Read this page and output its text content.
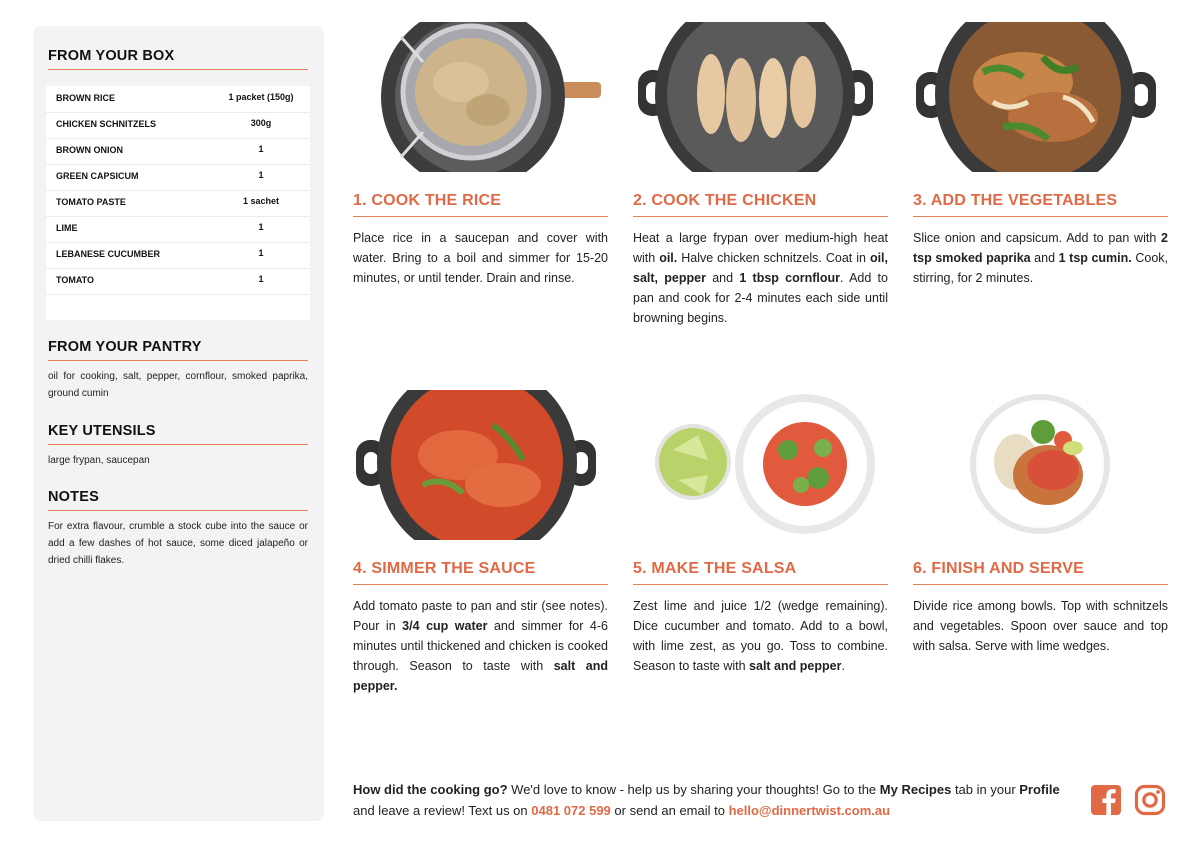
FROM YOUR BOX
BROWN RICE	1 packet (150g)
CHICKEN SCHNITZELS	300g
BROWN ONION	1
GREEN CAPSICUM	1
TOMATO PASTE	1 sachet
LIME	1
LEBANESE CUCUMBER	1
TOMATO	1
FROM YOUR PANTRY
oil for cooking, salt, pepper, cornflour, smoked paprika, ground cumin
KEY UTENSILS
large frypan, saucepan
NOTES
For extra flavour, crumble a stock cube into the sauce or add a few dashes of hot sauce, some diced jalapeño or dried chilli flakes.
1. COOK THE RICE
Place rice in a saucepan and cover with water. Bring to a boil and simmer for 15-20 minutes, or until tender. Drain and rinse.
2. COOK THE CHICKEN
Heat a large frypan over medium-high heat with oil. Halve chicken schnitzels. Coat in oil, salt, pepper and 1 tbsp cornflour. Add to pan and cook for 2-4 minutes each side until browning begins.
3. ADD THE VEGETABLES
Slice onion and capsicum. Add to pan with 2 tsp smoked paprika and 1 tsp cumin. Cook, stirring, for 2 minutes.
4. SIMMER THE SAUCE
Add tomato paste to pan and stir (see notes). Pour in 3/4 cup water and simmer for 4-6 minutes until thickened and chicken is cooked through. Season to taste with salt and pepper.
5. MAKE THE SALSA
Zest lime and juice 1/2 (wedge remaining). Dice cucumber and tomato. Add to a bowl, with lime zest, as you go. Toss to combine. Season to taste with salt and pepper.
6. FINISH AND SERVE
Divide rice among bowls. Top with schnitzels and vegetables. Spoon over sauce and top with salsa. Serve with lime wedges.
How did the cooking go? We'd love to know - help us by sharing your thoughts! Go to the My Recipes tab in your Profile and leave a review! Text us on 0481 072 599 or send an email to hello@dinnertwist.com.au
